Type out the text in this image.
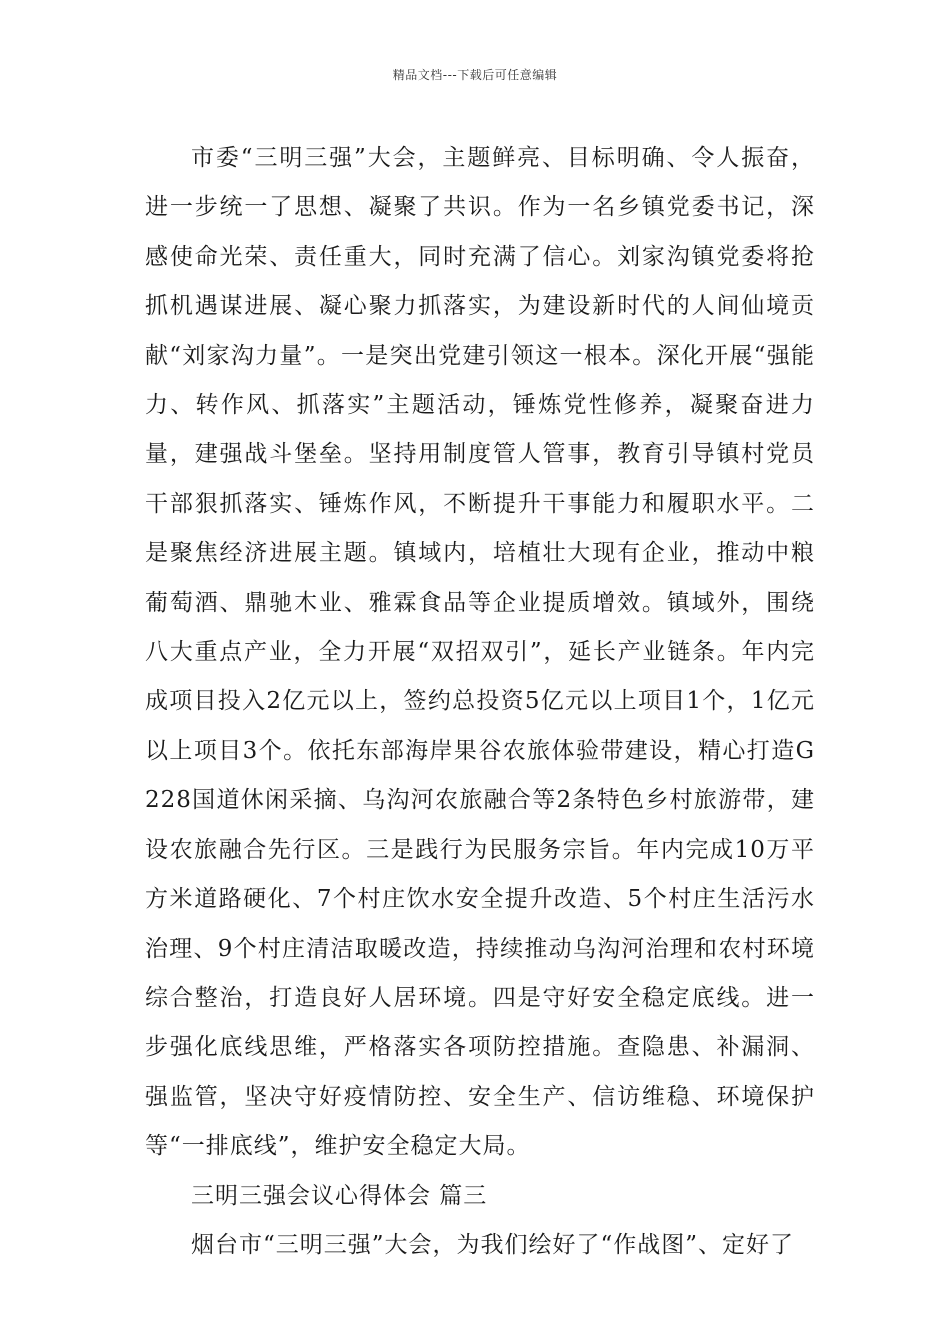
精品文档---下载后可任意编辑

市委“三明三强”大会，主题鲜亮、目标明确、令人振奋，进一步统一了思想、凝聚了共识。作为一名乡镇党委书记，深感使命光荣、责任重大，同时充满了信心。刘家沟镇党委将抢抓机遇谋进展、凝心聚力抓落实，为建设新时代的人间仙境贡献“刘家沟力量”。一是突出党建引领这一根本。深化开展“强能力、转作风、抓落实”主题活动，锤炼党性修养，凝聚奋进力量，建强战斗堡垒。坚持用制度管人管事，教育引导镇村党员干部狠抓落实、锤炼作风，不断提升干事能力和履职水平。二是聚焦经济进展主题。镇域内，培植壮大现有企业，推动中粮葡萄酒、鼎驰木业、雅霖食品等企业提质增效。镇域外，围绕八大重点产业，全力开展“双招双引”，延长产业链条。年内完成项目投入2亿元以上，签约总投资5亿元以上项目1个，1亿元以上项目3个。依托东部海岸果谷农旅体验带建设，精心打造G228国道休闲采摘、乌沟河农旅融合等2条特色乡村旅游带，建设农旅融合先行区。三是践行为民服务宗旨。年内完成10万平方米道路硬化、7个村庄饮水安全提升改造、5个村庄生活污水治理、9个村庄清洁取暖改造，持续推动乌沟河治理和农村环境综合整治，打造良好人居环境。四是守好安全稳定底线。进一步强化底线思维，严格落实各项防控措施。查隐患、补漏洞、强监管，坚决守好疫情防控、安全生产、信访维稳、环境保护等“一排底线”，维护安全稳定大局。

三明三强会议心得体会 篇三

烟台市“三明三强”大会，为我们绘好了“作战图”、定好了
